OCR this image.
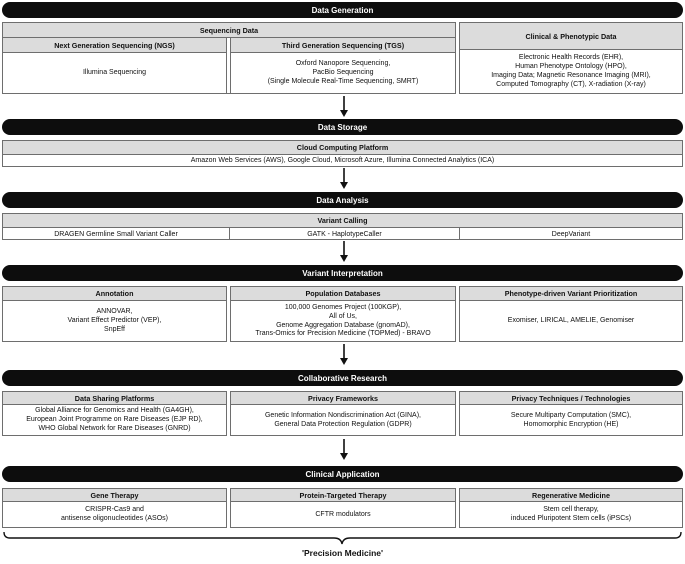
Data Generation
Sequencing Data
Next Generation Sequencing (NGS)
Illumina Sequencing
Third Generation Sequencing (TGS)
Oxford Nanopore Sequencing,
PacBio Sequencing
(Single Molecule Real-Time Sequencing, SMRT)
Clinical & Phenotypic Data
Electronic Health Records (EHR),
Human Phenotype Ontology (HPO),
Imaging Data; Magnetic Resonance Imaging (MRI),
Computed Tomography (CT), X-radiation (X-ray)
Data Storage
Cloud Computing Platform
Amazon Web Services (AWS), Google Cloud, Microsoft Azure, Illumina Connected Analytics (ICA)
Data Analysis
Variant Calling
DRAGEN Germline Small Variant Caller	GATK - HaplotypeCaller	DeepVariant
Variant Interpretation
Annotation
ANNOVAR,
Variant Effect Predictor (VEP),
SnpEff
Population Databases
100,000 Genomes Project (100KGP),
All of Us,
Genome Aggregation Database (gnomAD),
Trans-Omics for Precision Medicine (TOPMed) - BRAVO
Phenotype-driven Variant Prioritization
Exomiser, LIRICAL, AMELIE, Genomiser
Collaborative Research
Data Sharing Platforms
Global Alliance for Genomics and Health (GA4GH),
European Joint Programme on Rare Diseases (EJP RD),
WHO Global Network for Rare Diseases (GNRD)
Privacy Frameworks
Genetic Information Nondiscrimination Act (GINA),
General Data Protection Regulation (GDPR)
Privacy Techniques / Technologies
Secure Multiparty Computation (SMC),
Homomorphic Encryption (HE)
Clinical Application
Gene Therapy
CRISPR-Cas9 and
antisense oligonucleotides (ASOs)
Protein-Targeted Therapy
CFTR modulators
Regenerative Medicine
Stem cell therapy,
induced Pluripotent Stem cells (iPSCs)
'Precision Medicine'
